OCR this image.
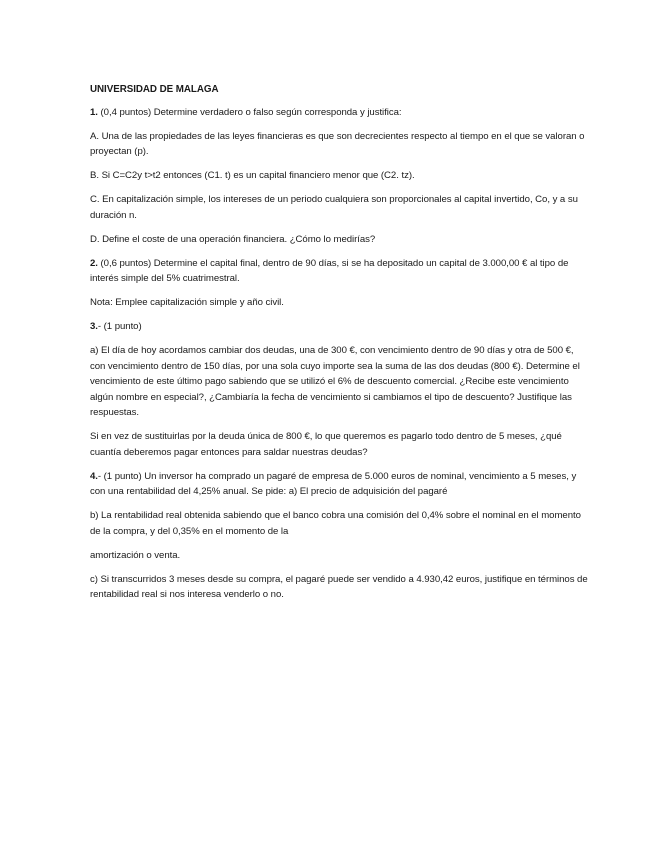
UNIVERSIDAD DE MALAGA

1. (0,4 puntos) Determine verdadero o falso según corresponda y justifica:

A. Una de las propiedades de las leyes financieras es que son decrecientes respecto al tiempo en el que se valoran o proyectan (p).

B. Si C=C2y t>t2 entonces (C1. t) es un capital financiero menor que (C2. tz).

C. En capitalización simple, los intereses de un periodo cualquiera son proporcionales al capital invertido, Co, y a su duración n.

D. Define el coste de una operación financiera. ¿Cómo lo medirías?

2. (0,6 puntos) Determine el capital final, dentro de 90 días, si se ha depositado un capital de 3.000,00 € al tipo de interés simple del 5% cuatrimestral.

Nota: Emplee capitalización simple y año civil.

3.- (1 punto)

a) El día de hoy acordamos cambiar dos deudas, una de 300 €, con vencimiento dentro de 90 días y otra de 500 €, con vencimiento dentro de 150 días, por una sola cuyo importe sea la suma de las dos deudas (800 €). Determine el vencimiento de este último pago sabiendo que se utilizó el 6% de descuento comercial. ¿Recibe este vencimiento algún nombre en especial?, ¿Cambiaría la fecha de vencimiento si cambiamos el tipo de descuento? Justifique las respuestas.

Si en vez de sustituirlas por la deuda única de 800 €, lo que queremos es pagarlo todo dentro de 5 meses, ¿qué cuantía deberemos pagar entonces para saldar nuestras deudas?

4.- (1 punto) Un inversor ha comprado un pagaré de empresa de 5.000 euros de nominal, vencimiento a 5 meses, y con una rentabilidad del 4,25% anual. Se pide: a) El precio de adquisición del pagaré

b) La rentabilidad real obtenida sabiendo que el banco cobra una comisión del 0,4% sobre el nominal en el momento de la compra, y del 0,35% en el momento de la

amortización o venta.

c) Si transcurridos 3 meses desde su compra, el pagaré puede ser vendido a 4.930,42 euros, justifique en términos de rentabilidad real si nos interesa venderlo o no.
